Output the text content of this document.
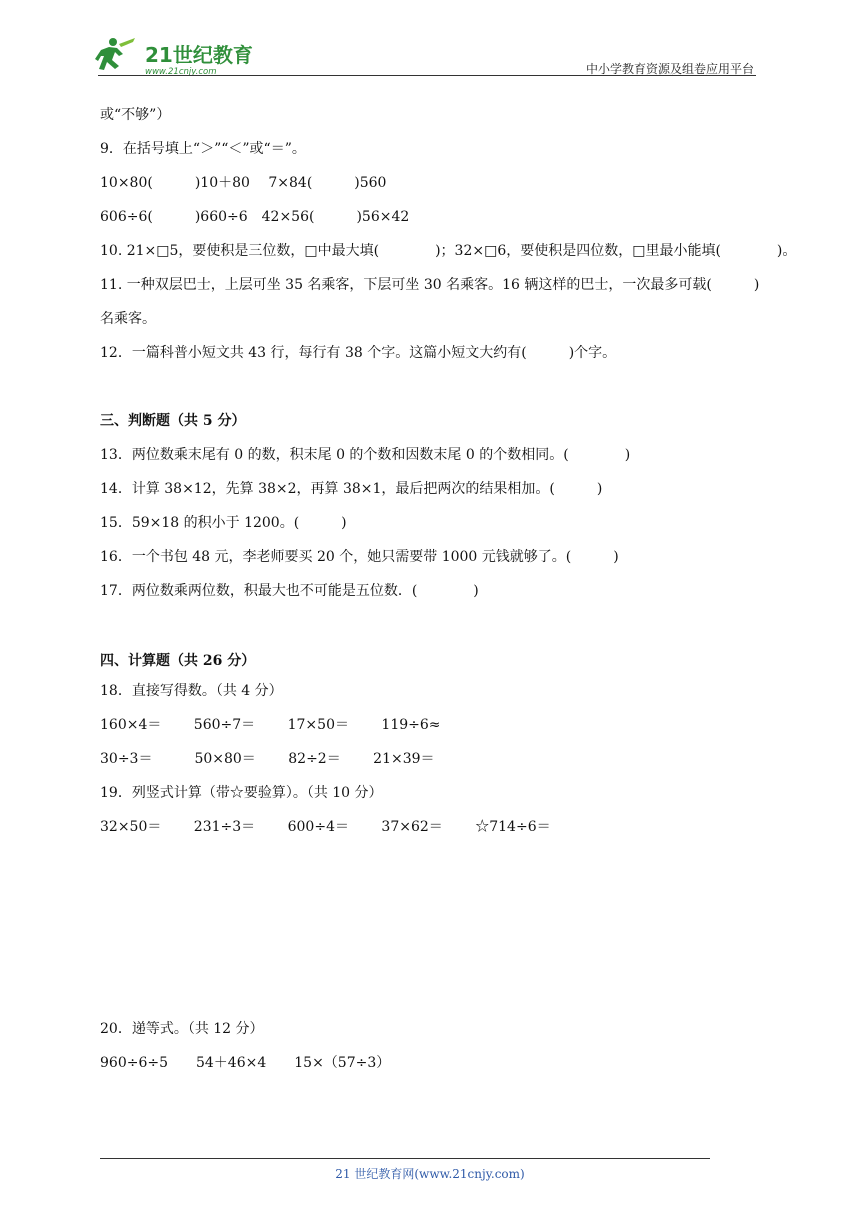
21世纪教育
www.21cnjy.com	中小学教育资源及组卷应用平台
或“不够”）
9．在括号填上“＞”“＜”或“＝”。
10×80(　　　)10＋80　 7×84(　　　)560
606÷6(　　　)660÷6　42×56(　　　)56×42
10. 21×□5，要使积是三位数，□中最大填(　　　　)；32×□6，要使积是四位数，□里最小能填(　　　　)。
11. 一种双层巴士，上层可坐 35 名乘客，下层可坐 30 名乘客。16 辆这样的巴士，一次最多可载(　　　)
名乘客。
12．一篇科普小短文共 43 行，每行有 38 个字。这篇小短文大约有(　　　)个字。
三、判断题（共 5 分）
13．两位数乘末尾有 0 的数，积末尾 0 的个数和因数末尾 0 的个数相同。(　　　　)
14．计算 38×12，先算 38×2，再算 38×1，最后把两次的结果相加。(　　　)
15．59×18 的积小于 1200。(　　　)
16．一个书包 48 元，李老师要买 20 个，她只需要带 1000 元钱就够了。(　　　)
17．两位数乘两位数，积最大也不可能是五位数．(　　　　)
四、计算题（共 26 分）
18．直接写得数。（共 4 分）
160×4＝　　 560÷7＝　　 17×50＝　　 119÷6≈
30÷3＝　　　50×80＝　　 82÷2＝　　 21×39＝
19．列竖式计算（带☆要验算）。（共 10 分）
32×50＝　　 231÷3＝　　 600÷4＝　　 37×62＝　　 ☆714÷6＝
20．递等式。（共 12 分）
960÷6÷5　　54＋46×4　　15×（57÷3）
21 世纪教育网(www.21cnjy.com)
